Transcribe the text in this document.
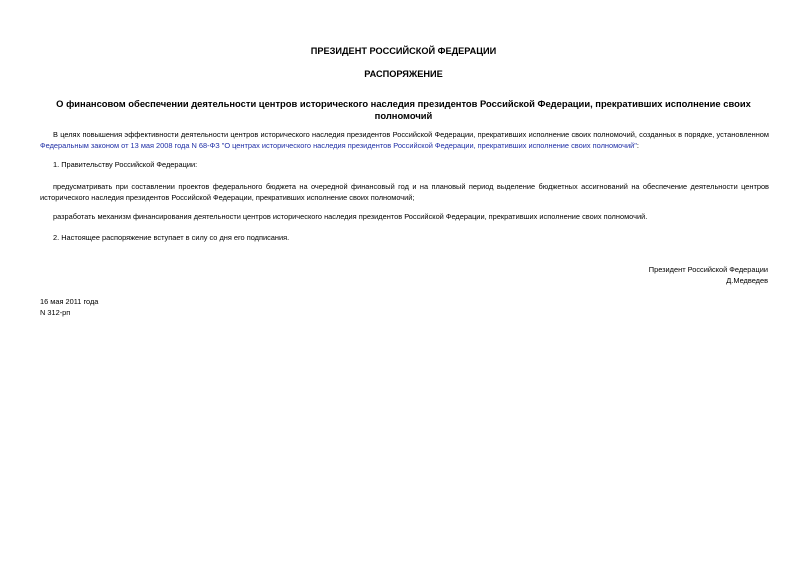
ПРЕЗИДЕНТ РОССИЙСКОЙ ФЕДЕРАЦИИ
РАСПОРЯЖЕНИЕ
О финансовом обеспечении деятельности центров исторического наследия президентов Российской Федерации, прекративших исполнение своих полномочий

В целях повышения эффективности деятельности центров исторического наследия президентов Российской Федерации, прекративших исполнение своих полномочий, созданных в порядке, установленном Федеральным законом от 13 мая 2008 года N 68-ФЗ "О центрах исторического наследия президентов Российской Федерации, прекративших исполнение своих полномочий":

1. Правительству Российской Федерации:

предусматривать при составлении проектов федерального бюджета на очередной финансовый год и на плановый период выделение бюджетных ассигнований на обеспечение деятельности центров исторического наследия президентов Российской Федерации, прекративших исполнение своих полномочий;

разработать механизм финансирования деятельности центров исторического наследия президентов Российской Федерации, прекративших исполнение своих полномочий.

2. Настоящее распоряжение вступает в силу со дня его подписания.

Президент Российской Федерации
Д.Медведев
16 мая 2011 года
N 312-рп
